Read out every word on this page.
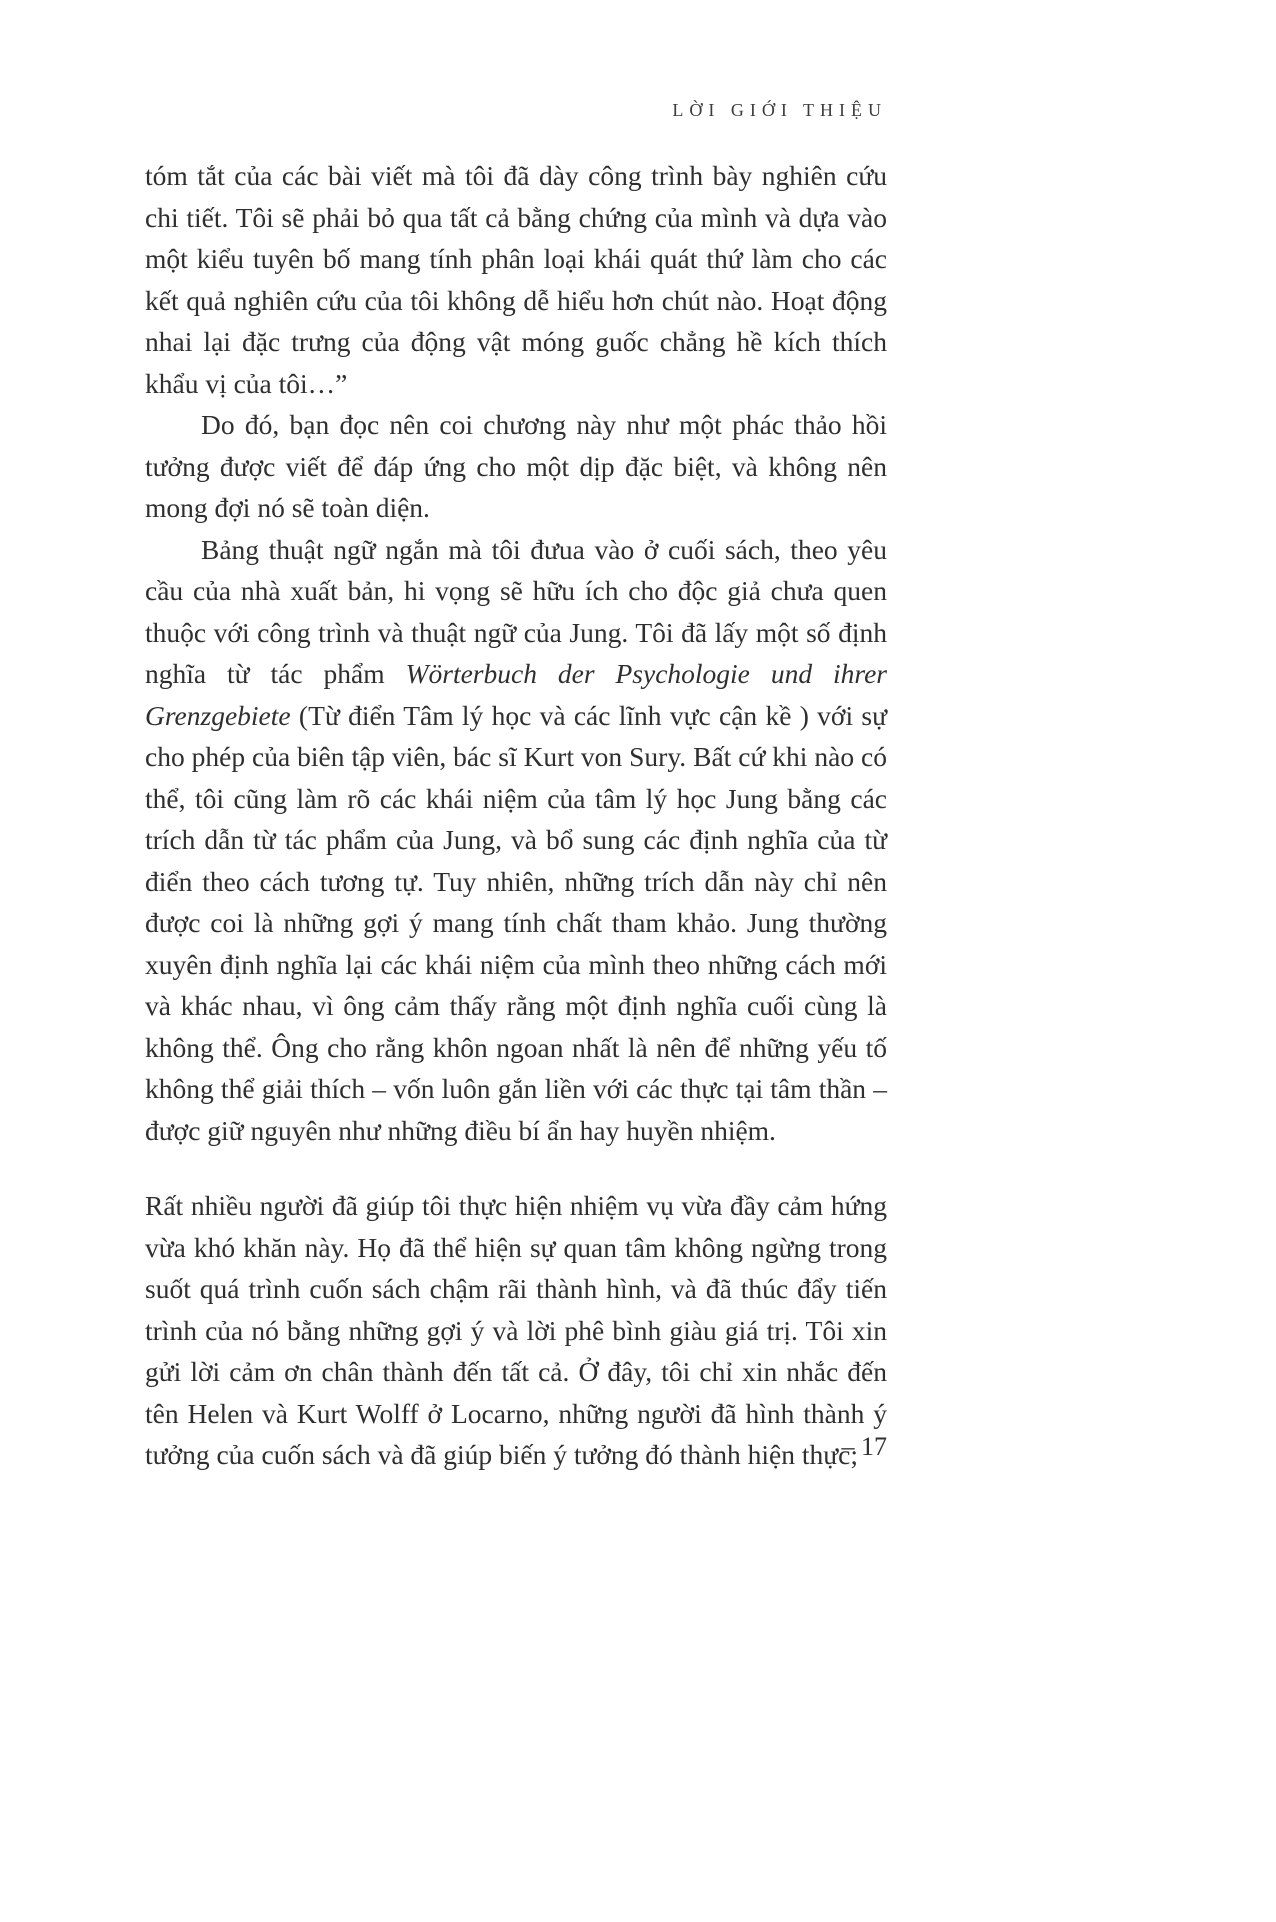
LỜI GIỚI THIỆU

tóm tắt của các bài viết mà tôi đã dày công trình bày nghiên cứu chi tiết. Tôi sẽ phải bỏ qua tất cả bằng chứng của mình và dựa vào một kiểu tuyên bố mang tính phân loại khái quát thứ làm cho các kết quả nghiên cứu của tôi không dễ hiểu hơn chút nào. Hoạt động nhai lại đặc trưng của động vật móng guốc chẳng hề kích thích khẩu vị của tôi…”

Do đó, bạn đọc nên coi chương này như một phác thảo hồi tưởng được viết để đáp ứng cho một dịp đặc biệt, và không nên mong đợi nó sẽ toàn diện.

Bảng thuật ngữ ngắn mà tôi đưua vào ở cuối sách, theo yêu cầu của nhà xuất bản, hi vọng sẽ hữu ích cho độc giả chưa quen thuộc với công trình và thuật ngữ của Jung. Tôi đã lấy một số định nghĩa từ tác phẩm Wörterbuch der Psychologie und ihrer Grenzgebiete (Từ điển Tâm lý học và các lĩnh vực cận kề ) với sự cho phép của biên tập viên, bác sĩ Kurt von Sury. Bất cứ khi nào có thể, tôi cũng làm rõ các khái niệm của tâm lý học Jung bằng các trích dẫn từ tác phẩm của Jung, và bổ sung các định nghĩa của từ điển theo cách tương tự. Tuy nhiên, những trích dẫn này chỉ nên được coi là những gợi ý mang tính chất tham khảo. Jung thường xuyên định nghĩa lại các khái niệm của mình theo những cách mới và khác nhau, vì ông cảm thấy rằng một định nghĩa cuối cùng là không thể. Ông cho rằng khôn ngoan nhất là nên để những yếu tố không thể giải thích – vốn luôn gắn liền với các thực tại tâm thần – được giữ nguyên như những điều bí ẩn hay huyền nhiệm.

Rất nhiều người đã giúp tôi thực hiện nhiệm vụ vừa đầy cảm hứng vừa khó khăn này. Họ đã thể hiện sự quan tâm không ngừng trong suốt quá trình cuốn sách chậm rãi thành hình, và đã thúc đẩy tiến trình của nó bằng những gợi ý và lời phê bình giàu giá trị. Tôi xin gửi lời cảm ơn chân thành đến tất cả. Ở đây, tôi chỉ xin nhắc đến tên Helen và Kurt Wolff ở Locarno, những người đã hình thành ý tưởng của cuốn sách và đã giúp biến ý tưởng đó thành hiện thực;

– 17
